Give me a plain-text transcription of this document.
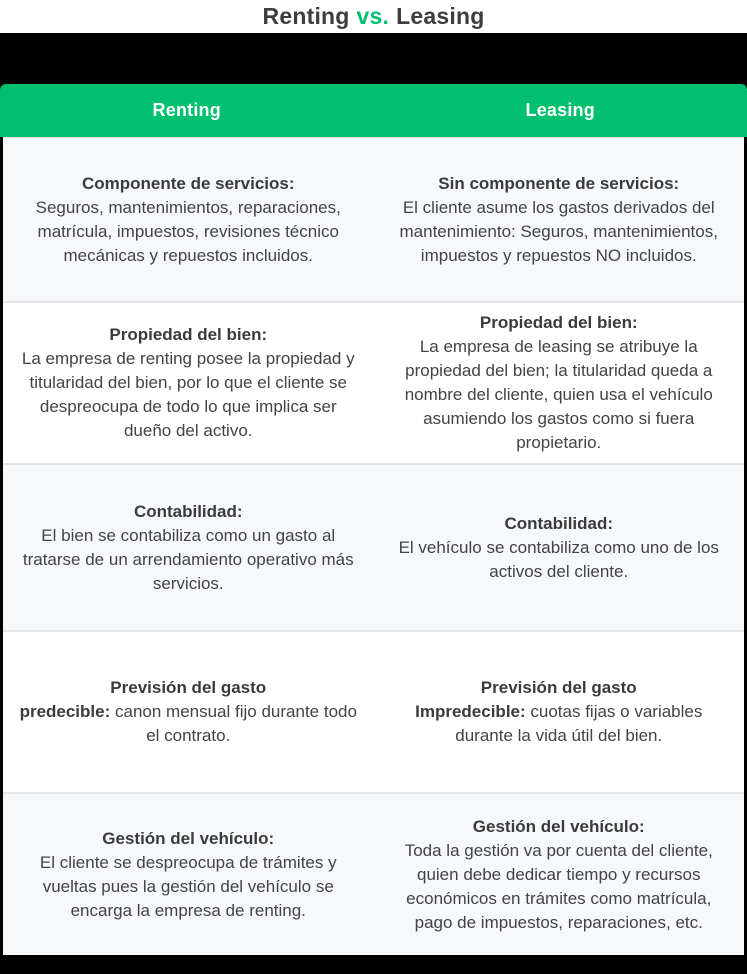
Renting vs. Leasing
Renting	Leasing
Componente de servicios:
Seguros, mantenimientos, reparaciones, matrícula, impuestos, revisiones técnico mecánicas y repuestos incluidos.
Sin componente de servicios:
El cliente asume los gastos derivados del mantenimiento: Seguros, mantenimientos, impuestos y repuestos NO incluidos.
Propiedad del bien:
La empresa de renting posee la propiedad y titularidad del bien, por lo que el cliente se despreocupa de todo lo que implica ser dueño del activo.
Propiedad del bien:
La empresa de leasing se atribuye la propiedad del bien; la titularidad queda a nombre del cliente, quien usa el vehículo asumiendo los gastos como si fuera propietario.
Contabilidad:
El bien se contabiliza como un gasto al tratarse de un arrendamiento operativo más servicios.
Contabilidad:
El vehículo se contabiliza como uno de los activos del cliente.
Previsión del gasto
predecible: canon mensual fijo durante todo el contrato.
Previsión del gasto
Impredecible: cuotas fijas o variables durante la vida útil del bien.
Gestión del vehículo:
El cliente se despreocupa de trámites y vueltas pues la gestión del vehículo se encarga la empresa de renting.
Gestión del vehículo:
Toda la gestión va por cuenta del cliente, quien debe dedicar tiempo y recursos económicos en trámites como matrícula, pago de impuestos, reparaciones, etc.
